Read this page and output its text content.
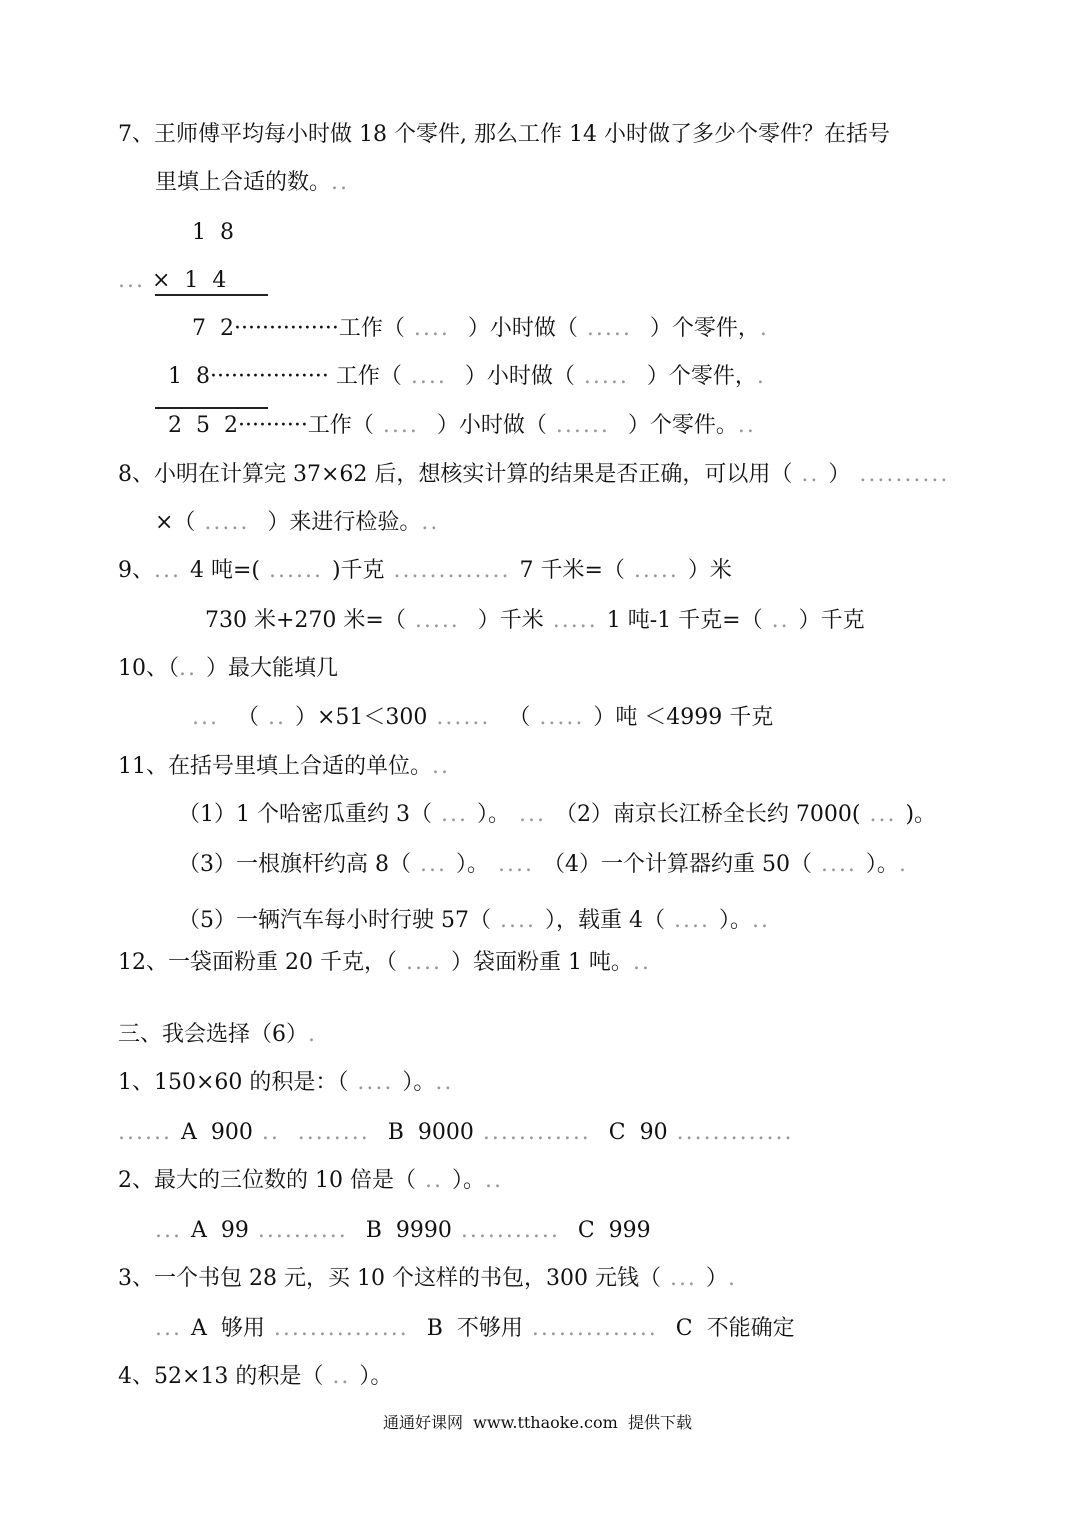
7、王师傅平均每小时做 18 个零件, 那么工作 14 小时做了多少个零件？在括号
里填上合适的数。..
1  8
... ×  1  4
7  2···············工作（ ....  ）小时做（ .....  ）个零件，.
1  8················· 工作（ ....  ）小时做（ .....  ）个零件，.
2  5  2··········工作（ ....  ）小时做（ ......  ）个零件。..
8、小明在计算完 37×62 后，想核实计算的结果是否正确，可以用（ .. ） ..........
×（ .....  ）来进行检验。..
9、... 4 吨=( ...... )千克 ............. 7 千米=（ ..... ）米
730 米+270 米=（ .....  ）千米 ..... 1 吨-1 千克=（ .. ）千克
10、（.. ）最大能填几
...  （ .. ）×51＜300 ......  （ ..... ）吨 ＜4999 千克
11、在括号里填上合适的单位。..
（1）1 个哈密瓜重约 3（ ... ）。 ... （2）南京长江桥全长约 7000( ... )。
（3）一根旗杆约高 8（ ... ）。 .... （4）一个计算器约重 50（ .... ）。.
（5）一辆汽车每小时行驶 57（ .... ），载重 4（ .... ）。..
12、一袋面粉重 20 千克，（ .... ）袋面粉重 1 吨。..
三、我会选择（6）.
1、150×60 的积是：（ .... ）。..
...... A  900 ..  ........  B  9000 ............  C  90 .............
2、最大的三位数的 10 倍是（ .. ）。..
... A  99 ..........  B  9990 ...........  C  999
3、一个书包 28 元，买 10 个这样的书包，300 元钱（ ... ）.
... A  够用 ...............  B  不够用 ..............  C  不能确定
4、52×13 的积是（ .. ）。
通通好课网  www.tthaoke.com  提供下载
